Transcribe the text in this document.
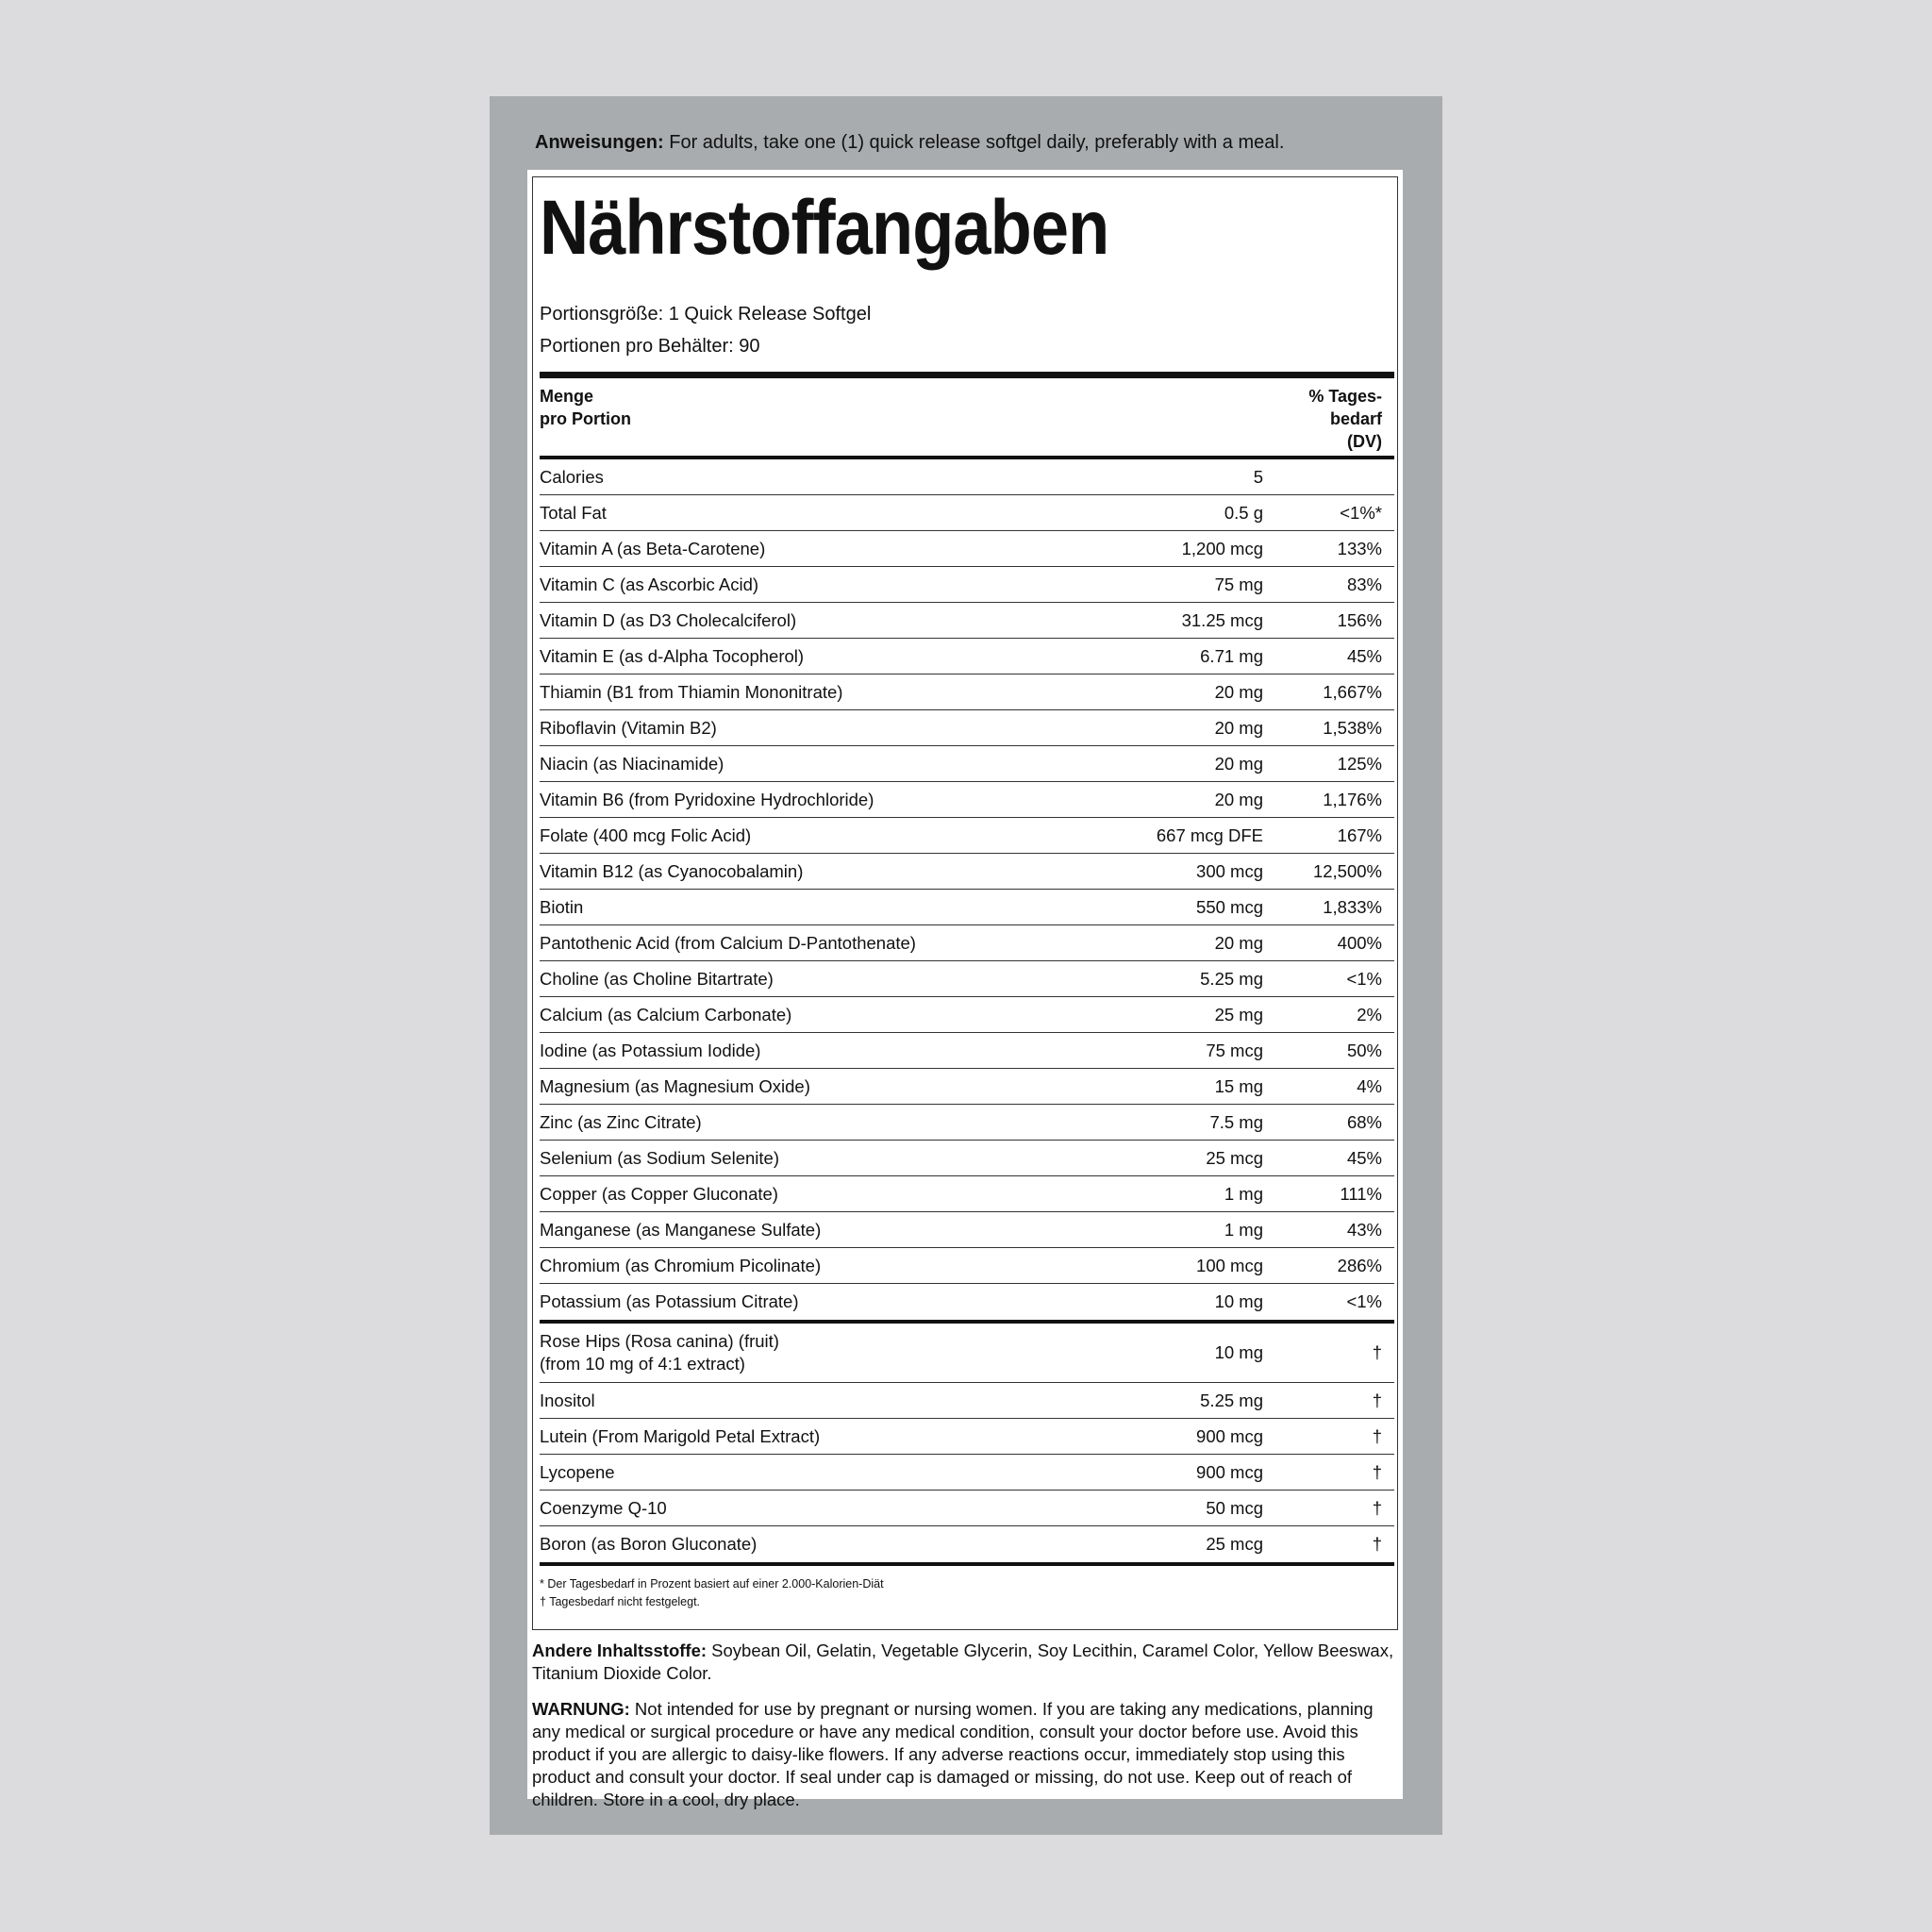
Anweisungen: For adults, take one (1) quick release softgel daily, preferably with a meal.
Nährstoffangaben
Portionsgröße: 1 Quick Release Softgel
Portionen pro Behälter: 90
Menge
pro Portion
% Tages-
bedarf
(DV)
Calories	5
Total Fat	0.5 g	<1%*
Vitamin A (as Beta-Carotene)	1,200 mcg	133%
Vitamin C (as Ascorbic Acid)	75 mg	83%
Vitamin D (as D3 Cholecalciferol)	31.25 mcg	156%
Vitamin E (as d-Alpha Tocopherol)	6.71 mg	45%
Thiamin (B1 from Thiamin Mononitrate)	20 mg	1,667%
Riboflavin (Vitamin B2)	20 mg	1,538%
Niacin (as Niacinamide)	20 mg	125%
Vitamin B6 (from Pyridoxine Hydrochloride)	20 mg	1,176%
Folate (400 mcg Folic Acid)	667 mcg DFE	167%
Vitamin B12 (as Cyanocobalamin)	300 mcg	12,500%
Biotin	550 mcg	1,833%
Pantothenic Acid (from Calcium D-Pantothenate)	20 mg	400%
Choline (as Choline Bitartrate)	5.25 mg	<1%
Calcium (as Calcium Carbonate)	25 mg	2%
Iodine (as Potassium Iodide)	75 mcg	50%
Magnesium (as Magnesium Oxide)	15 mg	4%
Zinc (as Zinc Citrate)	7.5 mg	68%
Selenium (as Sodium Selenite)	25 mcg	45%
Copper (as Copper Gluconate)	1 mg	111%
Manganese (as Manganese Sulfate)	1 mg	43%
Chromium (as Chromium Picolinate)	100 mcg	286%
Potassium (as Potassium Citrate)	10 mg	<1%
Rose Hips (Rosa canina) (fruit)
(from 10 mg of 4:1 extract)
10 mg	†
Inositol	5.25 mg	†
Lutein (From Marigold Petal Extract)	900 mcg	†
Lycopene	900 mcg	†
Coenzyme Q-10	50 mcg	†
Boron (as Boron Gluconate)	25 mcg	†
* Der Tagesbedarf in Prozent basiert auf einer 2.000-Kalorien-Diät
† Tagesbedarf nicht festgelegt.
Andere Inhaltsstoffe: Soybean Oil, Gelatin, Vegetable Glycerin, Soy Lecithin, Caramel Color, Yellow Beeswax, Titanium Dioxide Color.
WARNUNG: Not intended for use by pregnant or nursing women. If you are taking any medications, planning any medical or surgical procedure or have any medical condition, consult your doctor before use. Avoid this product if you are allergic to daisy-like flowers. If any adverse reactions occur, immediately stop using this product and consult your doctor. If seal under cap is damaged or missing, do not use. Keep out of reach of children. Store in a cool, dry place.
